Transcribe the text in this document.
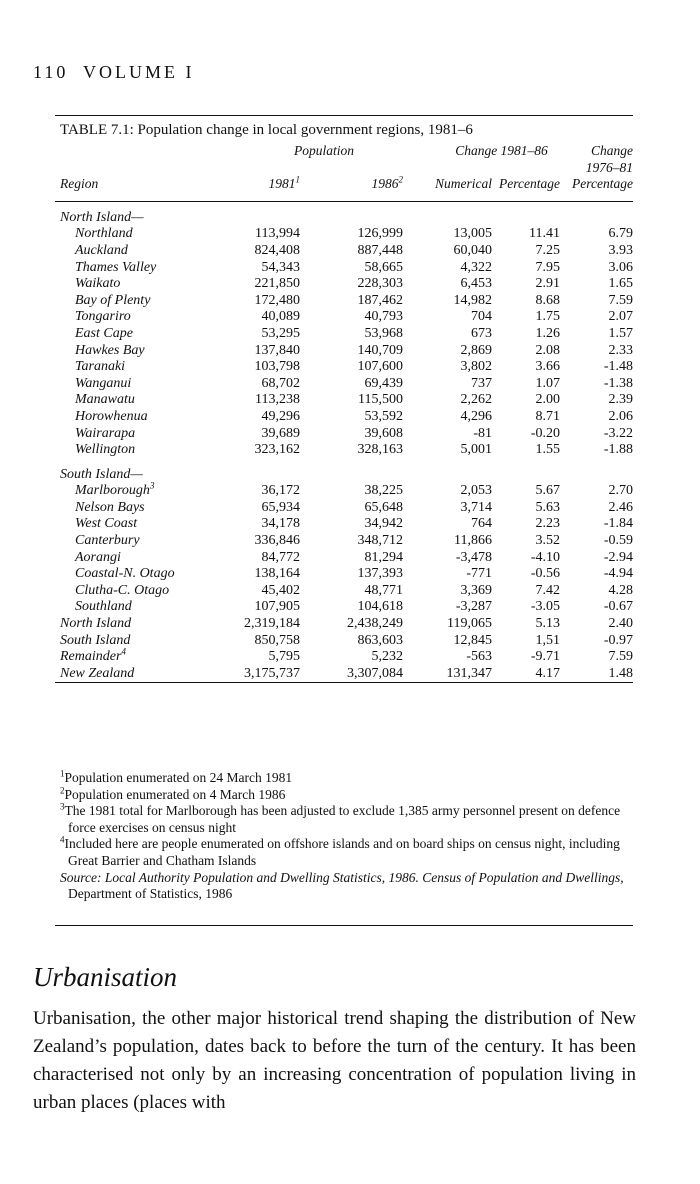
110 VOLUME I
TABLE 7.1: Population change in local government regions, 1981–6
	Population		Change 1981–86		Change
					1976–81
Region	1981$^1$	1986$^2$	Numerical	Percentage	Percentage
North Island—					
Northland	113,994	126,999	13,005	11.41	6.79
Auckland	824,408	887,448	60,040	7.25	3.93
Thames Valley	54,343	58,665	4,322	7.95	3.06
Waikato	221,850	228,303	6,453	2.91	1.65
Bay of Plenty	172,480	187,462	14,982	8.68	7.59
Tongariro	40,089	40,793	704	1.75	2.07
East Cape	53,295	53,968	673	1.26	1.57
Hawkes Bay	137,840	140,709	2,869	2.08	2.33
Taranaki	103,798	107,600	3,802	3.66	-1.48
Wanganui	68,702	69,439	737	1.07	-1.38
Manawatu	113,238	115,500	2,262	2.00	2.39
Horowhenua	49,296	53,592	4,296	8.71	2.06
Wairarapa	39,689	39,608	-81	-0.20	-3.22
Wellington	323,162	328,163	5,001	1.55	-1.88
South Island—					
Marlborough$^3$	36,172	38,225	2,053	5.67	2.70
Nelson Bays	65,934	65,648	3,714	5.63	2.46
West Coast	34,178	34,942	764	2.23	-1.84
Canterbury	336,846	348,712	11,866	3.52	-0.59
Aorangi	84,772	81,294	-3,478	-4.10	-2.94
Coastal-N. Otago	138,164	137,393	-771	-0.56	-4.94
Clutha-C. Otago	45,402	48,771	3,369	7.42	4.28
Southland	107,905	104,618	-3,287	-3.05	-0.67
North Island	2,319,184	2,438,249	119,065	5.13	2.40
South Island	850,758	863,603	12,845	1,51	-0.97
Remainder$^4$	5,795	5,232	-563	-9.71	7.59
New Zealand	3,175,737	3,307,084	131,347	4.17	1.48

$^1$Population enumerated on 24 March 1981

$^2$Population enumerated on 4 March 1986

$^3$The 1981 total for Marlborough has been adjusted to exclude 1,385 army personnel present on defence force exercises on census night

$^4$Included here are people enumerated on offshore islands and on board ships on census night, including Great Barrier and Chatham Islands

Source: Local Authority Population and Dwelling Statistics, 1986. Census of Population and Dwellings, Department of Statistics, 1986

Urbanisation
Urbanisation, the other major historical trend shaping the distribution of New Zealand’s population, dates back to before the turn of the century. It has been characterised not only by an increasing concentration of population living in urban places (places with
